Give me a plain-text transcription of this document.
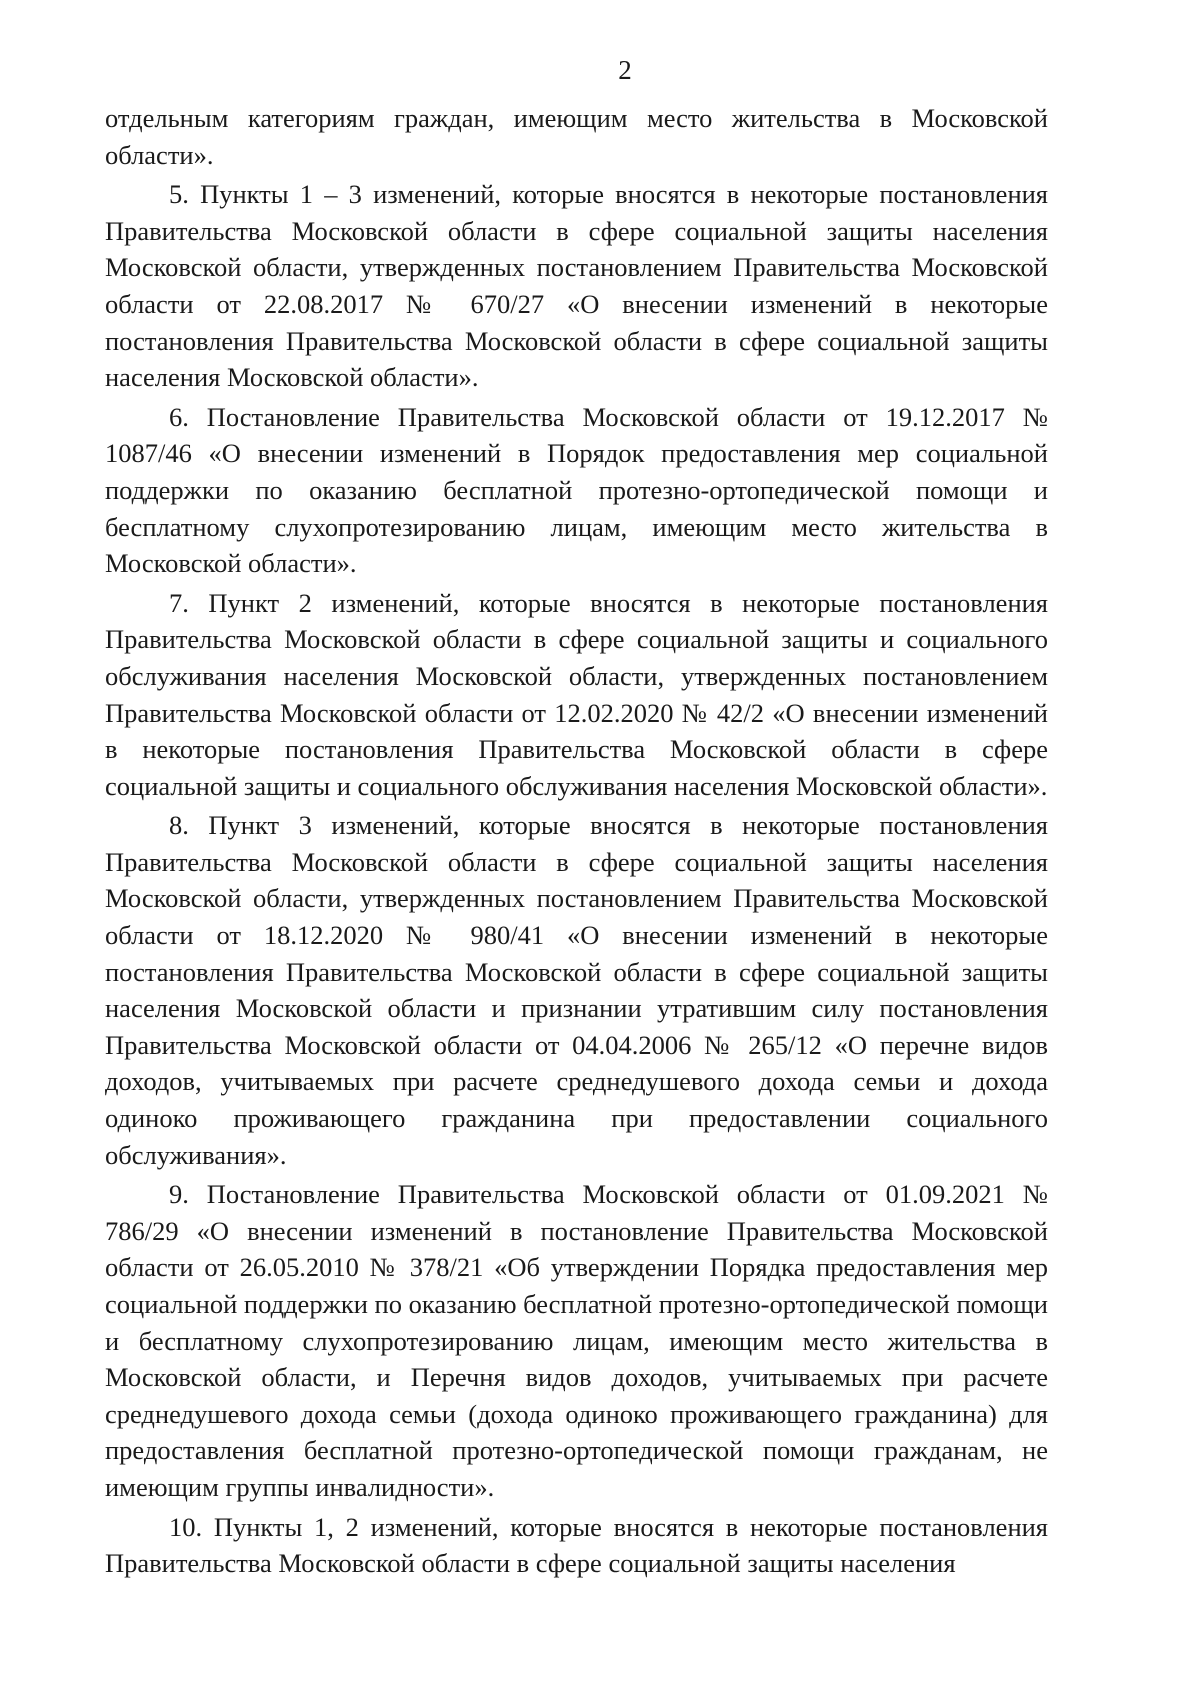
2

отдельным категориям граждан, имеющим место жительства в Московской области».

5. Пункты 1 – 3 изменений, которые вносятся в некоторые постановления Правительства Московской области в сфере социальной защиты населения Московской области, утвержденных постановлением Правительства Московской области от 22.08.2017 № 670/27 «О внесении изменений в некоторые постановления Правительства Московской области в сфере социальной защиты населения Московской области».

6. Постановление Правительства Московской области от 19.12.2017 № 1087/46 «О внесении изменений в Порядок предоставления мер социальной поддержки по оказанию бесплатной протезно-ортопедической помощи и бесплатному слухопротезированию лицам, имеющим место жительства в Московской области».

7. Пункт 2 изменений, которые вносятся в некоторые постановления Правительства Московской области в сфере социальной защиты и социального обслуживания населения Московской области, утвержденных постановлением Правительства Московской области от 12.02.2020 № 42/2 «О внесении изменений в некоторые постановления Правительства Московской области в сфере социальной защиты и социального обслуживания населения Московской области».

8. Пункт 3 изменений, которые вносятся в некоторые постановления Правительства Московской области в сфере социальной защиты населения Московской области, утвержденных постановлением Правительства Московской области от 18.12.2020 № 980/41 «О внесении изменений в некоторые постановления Правительства Московской области в сфере социальной защиты населения Московской области и признании утратившим силу постановления Правительства Московской области от 04.04.2006 № 265/12 «О перечне видов доходов, учитываемых при расчете среднедушевого дохода семьи и дохода одиноко проживающего гражданина при предоставлении социального обслуживания».

9. Постановление Правительства Московской области от 01.09.2021 № 786/29 «О внесении изменений в постановление Правительства Московской области от 26.05.2010 № 378/21 «Об утверждении Порядка предоставления мер социальной поддержки по оказанию бесплатной протезно-ортопедической помощи и бесплатному слухопротезированию лицам, имеющим место жительства в Московской области, и Перечня видов доходов, учитываемых при расчете среднедушевого дохода семьи (дохода одиноко проживающего гражданина) для предоставления бесплатной протезно-ортопедической помощи гражданам, не имеющим группы инвалидности».

10. Пункты 1, 2 изменений, которые вносятся в некоторые постановления Правительства Московской области в сфере социальной защиты населения
